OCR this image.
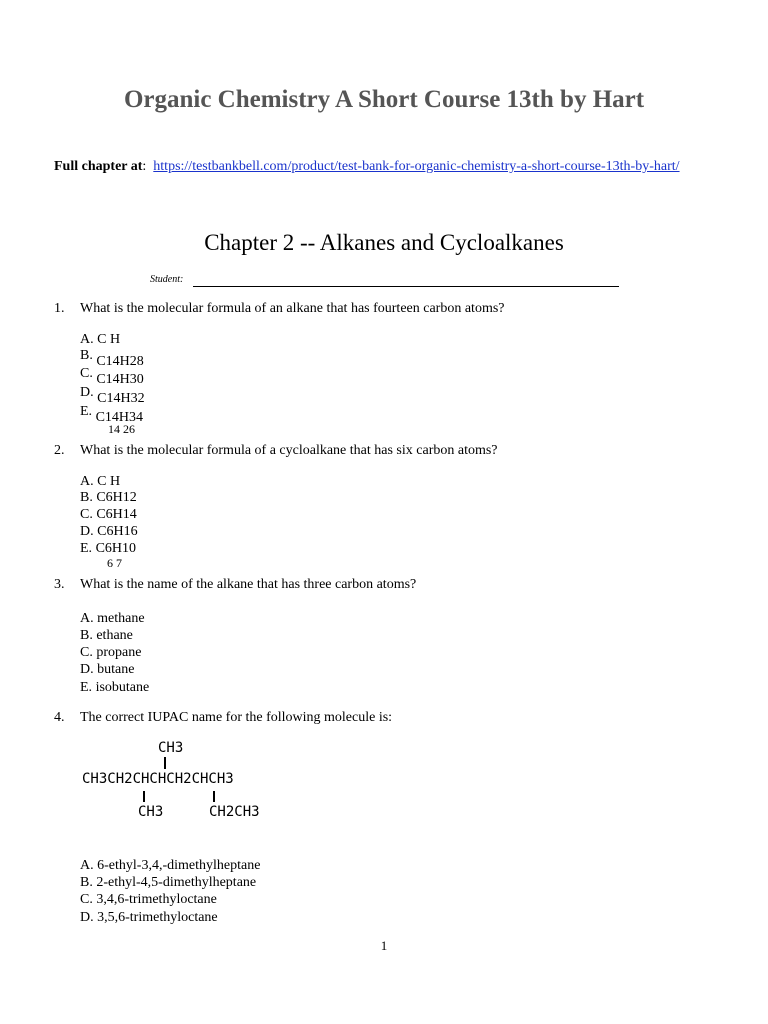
Organic Chemistry A Short Course 13th by Hart
Full chapter at: https://testbankbell.com/product/test-bank-for-organic-chemistry-a-short-course-13th-by-hart/
Chapter 2 -- Alkanes and Cycloalkanes
Student:
1. What is the molecular formula of an alkane that has fourteen carbon atoms?
A. C H
B. C14H28
C. C14H30
D. C14H32
E. C14H34
14 26
2. What is the molecular formula of a cycloalkane that has six carbon atoms?
A. C H
B. C6H12
C. C6H14
D. C6H16
E. C6H10
6 7
3. What is the name of the alkane that has three carbon atoms?
A. methane
B. ethane
C. propane
D. butane
E. isobutane
4. The correct IUPAC name for the following molecule is:
CH3
CH3CH2CHCHCH2CHCH3
CH3	CH2CH3
A. 6-ethyl-3,4,-dimethylheptane
B. 2-ethyl-4,5-dimethylheptane
C. 3,4,6-trimethyloctane
D. 3,5,6-trimethyloctane
1
